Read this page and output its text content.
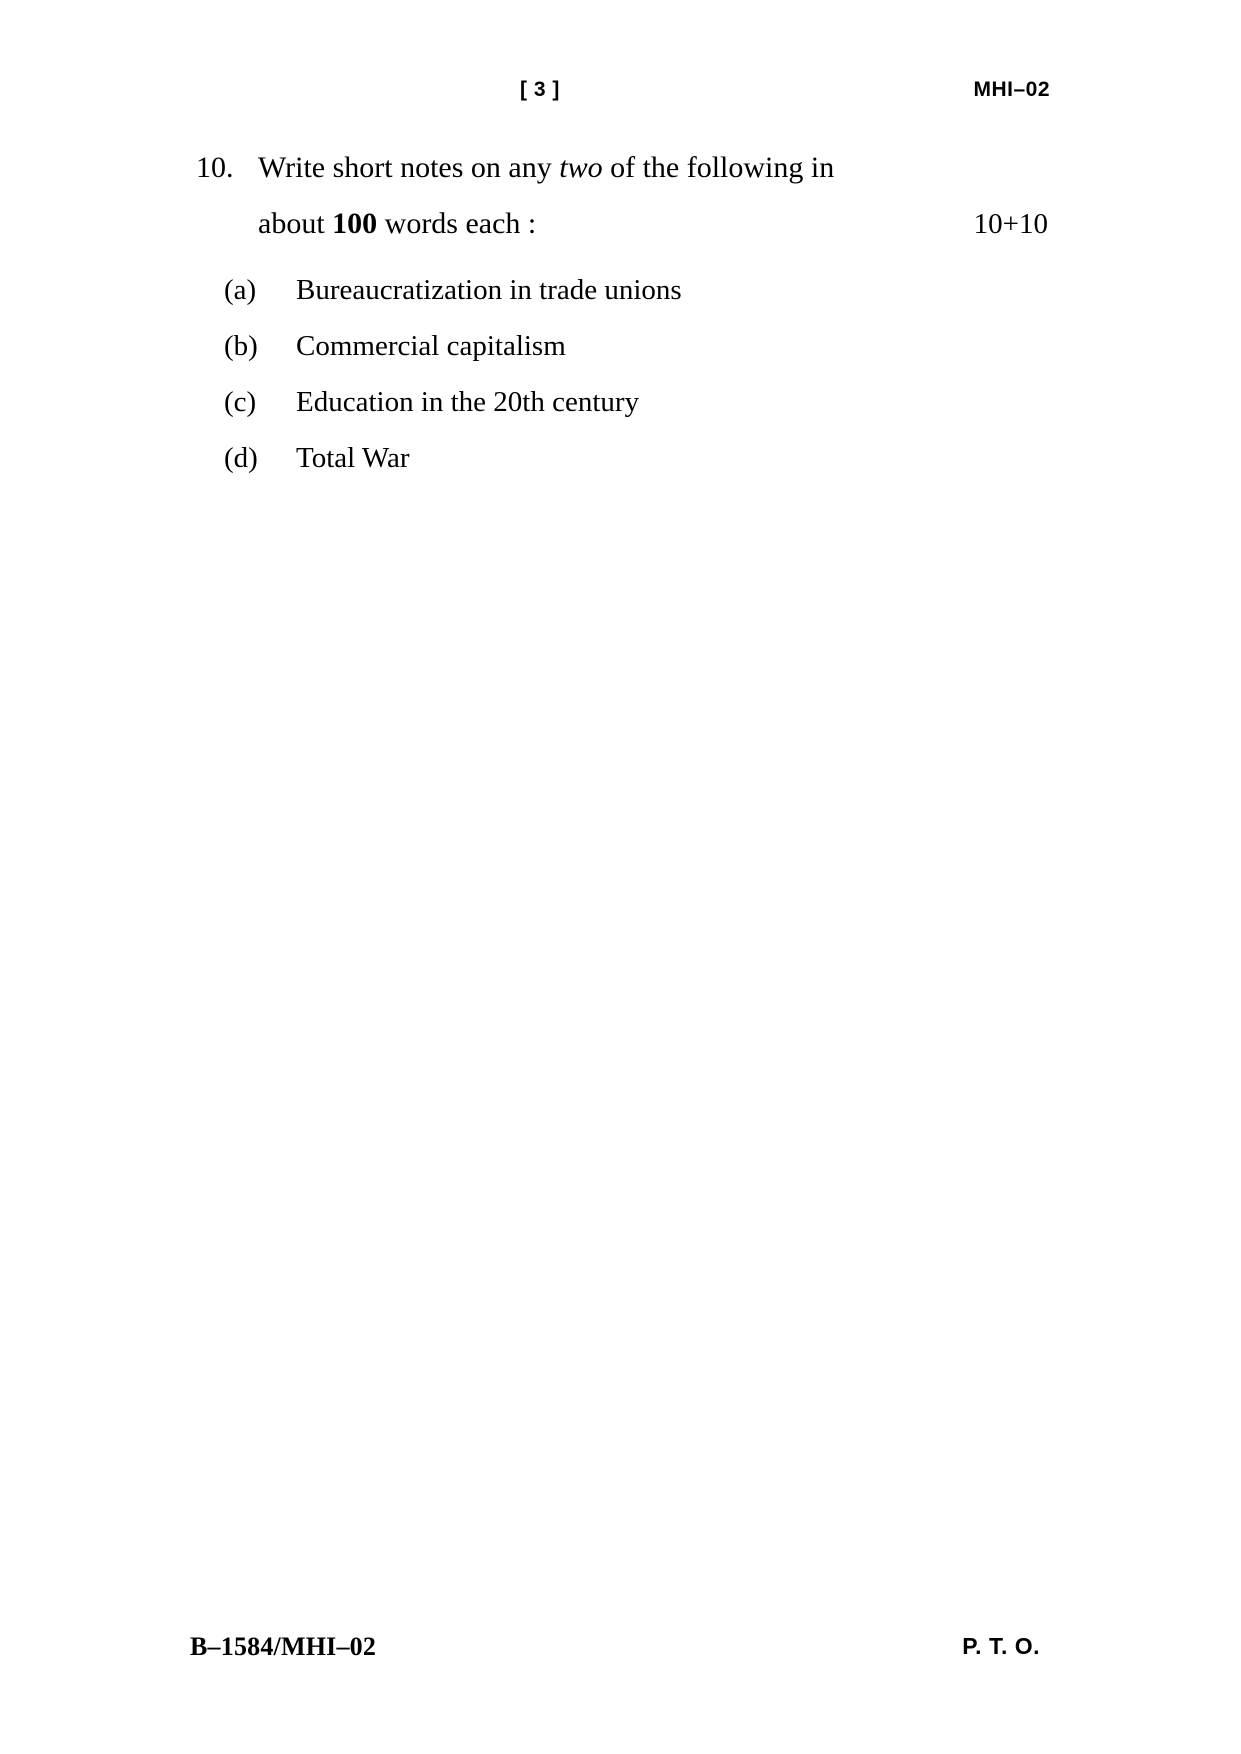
[ 3 ]	MHI–02
10. Write short notes on any two of the following in
about 100 words each :	10+10
(a)	Bureaucratization in trade unions
(b)	Commercial capitalism
(c)	Education in the 20th century
(d)	Total War
B–1584/MHI–02	P. T. O.
